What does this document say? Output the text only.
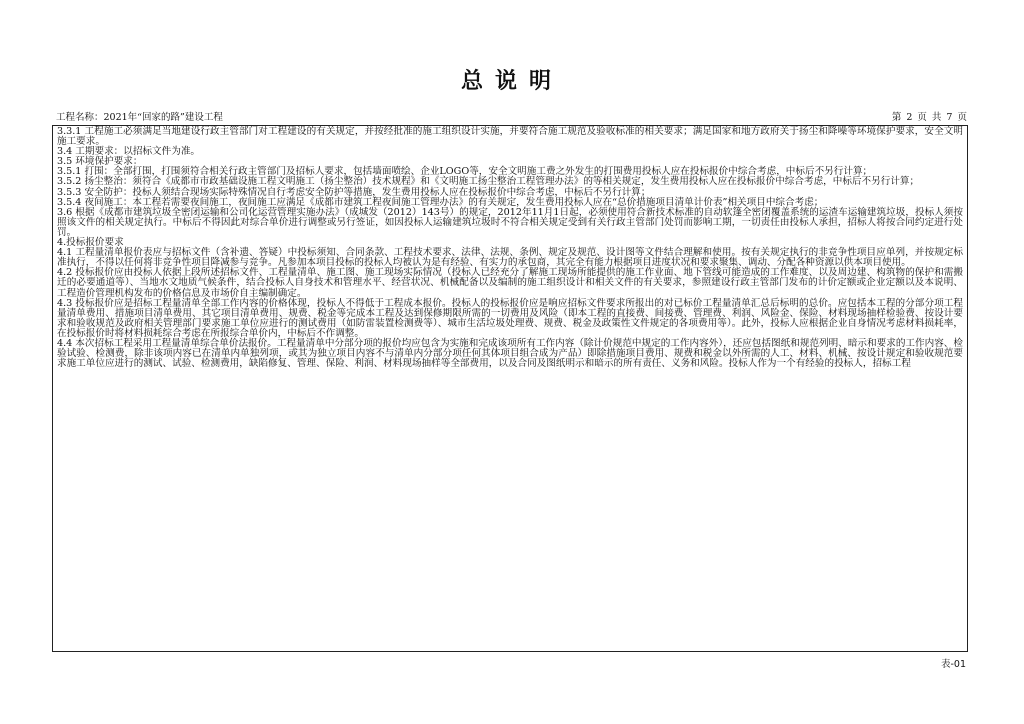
总说明
工程名称：2021年“回家的路”建设工程	第 2 页 共 7 页

3.3.1 工程施工必须满足当地建设行政主管部门对工程建设的有关规定，并按经批准的施工组织设计实施，并要符合施工规范及验收标准的相关要求；满足国家和地方政府关于扬尘和降噪等环境保护要求，安全文明施工要求。

3.4 工期要求：以招标文件为准。

3.5 环境保护要求：

3.5.1 打围：全部打围，打围须符合相关行政主管部门及招标人要求，包括墙面喷绘、企业LOGO等，安全文明施工费之外发生的打围费用投标人应在投标报价中综合考虑，中标后不另行计算；

3.5.2 扬尘整治：须符合《成都市市政基础设施工程文明施工（扬尘整治）技术规程》和《文明施工扬尘整治工程管理办法》的等相关规定，发生费用投标人应在投标报价中综合考虑，中标后不另行计算；

3.5.3 安全防护：投标人须结合现场实际特殊情况自行考虑安全防护等措施，发生费用投标人应在投标报价中综合考虑，中标后不另行计算；

3.5.4 夜间施工：本工程若需要夜间施工，夜间施工应满足《成都市建筑工程夜间施工管理办法》的有关规定，发生费用投标人应在“总价措施项目清单计价表”相关项目中综合考虑；

3.6 根据《成都市建筑垃圾全密闭运输和公司化运营管理实施办法》（成城发（2012）143号）的规定，2012年11月1日起，必须使用符合新技术标准的自动软篷全密闭覆盖系统的运渣车运输建筑垃圾，投标人须按照该文件的相关规定执行。中标后不得因此对综合单价进行调整或另行签证，如因投标人运输建筑垃圾时不符合相关规定受到有关行政主管部门处罚而影响工期，一切责任由投标人承担，招标人将按合同约定进行处罚。

4.投标报价要求

4.1 工程量清单报价表应与招标文件（含补遗、答疑）中投标须知、合同条款、工程技术要求、法律、法规、条例、规定及规范、设计图等文件结合理解和使用。按有关规定执行的非竞争性项目应单列，并按规定标准执行，不得以任何将非竞争性项目降减参与竞争。凡参加本项目投标的投标人均被认为是有经验、有实力的承包商，其完全有能力根据项目进度状况和要求聚集、调动、分配各种资源以供本项目使用。

4.2 投标报价应由投标人依据上段所述招标文件、工程量清单、施工图、施工现场实际情况（投标人已经充分了解施工现场所能提供的施工作业面、地下管线可能造成的工作难度、以及周边建、构筑物的保护和需搬迁的必要通道等）、当地水文地质气候条件，结合投标人自身技术和管理水平、经营状况、机械配备以及编制的施工组织设计和相关文件的有关要求，参照建设行政主管部门发布的计价定额或企业定额以及本说明、工程造价管理机构发布的价格信息及市场价自主编制确定。

4.3 投标报价应是招标工程量清单全部工作内容的价格体现，投标人不得低于工程成本报价。投标人的投标报价应是响应招标文件要求所报出的对已标价工程量清单汇总后标明的总价。应包括本工程的分部分项工程量清单费用、措施项目清单费用、其它项目清单费用、规费、税金等完成本工程及达到保修期限所需的一切费用及风险（即本工程的直接费、间接费、管理费、利润、风险金、保险、材料现场抽样检验费、按设计要求和验收规范及政府相关管理部门要求施工单位应进行的测试费用（如防雷装置检测费等）、城市生活垃圾处理费、规费、税金及政策性文件规定的各项费用等）。此外，投标人应根据企业自身情况考虑材料损耗率，在投标报价时将材料损耗综合考虑在所报综合单价内，中标后不作调整。

4.4 本次招标工程采用工程量清单综合单价法报价。工程量清单中分部分项的报价均应包含为实施和完成该项所有工作内容（除计价规范中规定的工作内容外），还应包括图纸和规范列明、暗示和要求的工作内容、检验试验、检测费，除非该项内容已在清单内单独列项，或其为独立项目内容不与清单内分部分项任何其体项目组合成为产品）即除措施项目费用、规费和税金以外所需的人工、材料、机械、按设计规定和验收规范要求施工单位应进行的测试、试验、检测费用，缺陷修复、管理、保险、利润、材料现场抽样等全部费用，以及合同及图纸明示和暗示的所有责任、义务和风险。投标人作为一个有经验的投标人，招标工程

表-01
